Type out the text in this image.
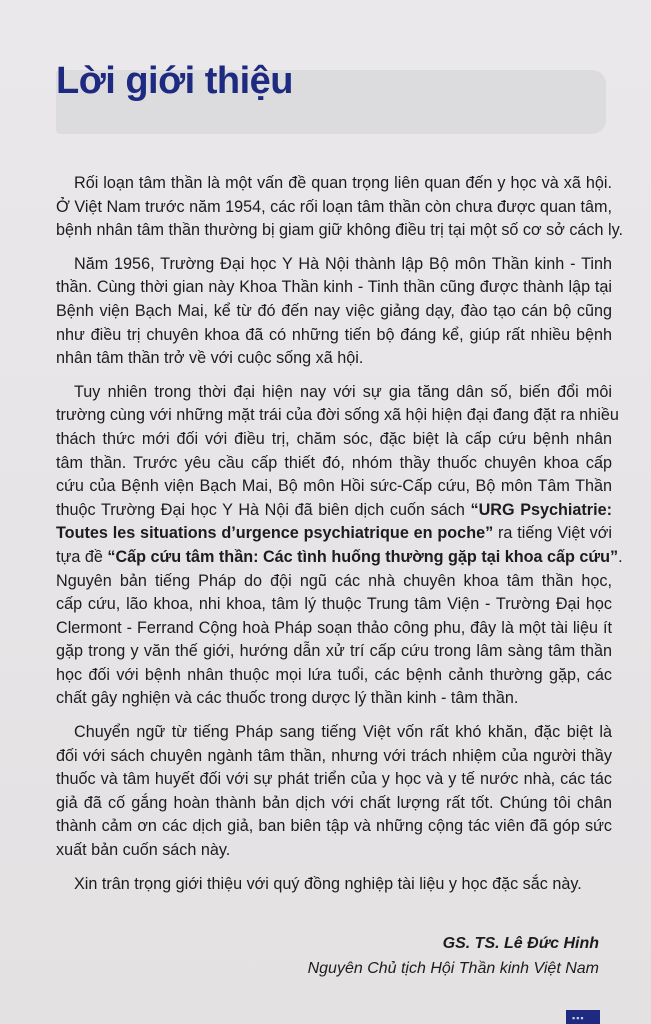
Lời giới thiệu

Rối loạn tâm thần là một vấn đề quan trọng liên quan đến y học và xã hội.
Ở Việt Nam trước năm 1954, các rối loạn tâm thần còn chưa được quan tâm,
bệnh nhân tâm thần thường bị giam giữ không điều trị tại một số cơ sở cách ly.

Năm 1956, Trường Đại học Y Hà Nội thành lập Bộ môn Thần kinh - Tinh
thần. Cùng thời gian này Khoa Thần kinh - Tinh thần cũng được thành lập tại
Bệnh viện Bạch Mai, kể từ đó đến nay việc giảng dạy, đào tạo cán bộ cũng
như điều trị chuyên khoa đã có những tiến bộ đáng kể, giúp rất nhiều bệnh
nhân tâm thần trở về với cuộc sống xã hội.

Tuy nhiên trong thời đại hiện nay với sự gia tăng dân số, biến đổi môi
trường cùng với những mặt trái của đời sống xã hội hiện đại đang đặt ra nhiều
thách thức mới đối với điều trị, chăm sóc, đặc biệt là cấp cứu bệnh nhân
tâm thần. Trước yêu cầu cấp thiết đó, nhóm thầy thuốc chuyên khoa cấp
cứu của Bệnh viện Bạch Mai, Bộ môn Hồi sức-Cấp cứu, Bộ môn Tâm Thần
thuộc Trường Đại học Y Hà Nội đã biên dịch cuốn sách “URG Psychiatrie:
Toutes les situations d’urgence psychiatrique en poche” ra tiếng Việt với
tựa đề “Cấp cứu tâm thần: Các tình huống thường gặp tại khoa cấp cứu”.
Nguyên bản tiếng Pháp do đội ngũ các nhà chuyên khoa tâm thần học,
cấp cứu, lão khoa, nhi khoa, tâm lý thuộc Trung tâm Viện - Trường Đại học
Clermont - Ferrand Cộng hoà Pháp soạn thảo công phu, đây là một tài liệu ít
gặp trong y văn thế giới, hướng dẫn xử trí cấp cứu trong lâm sàng tâm thần
học đối với bệnh nhân thuộc mọi lứa tuổi, các bệnh cảnh thường gặp, các
chất gây nghiện và các thuốc trong dược lý thần kinh - tâm thần.

Chuyển ngữ từ tiếng Pháp sang tiếng Việt vốn rất khó khăn, đặc biệt là
đối với sách chuyên ngành tâm thần, nhưng với trách nhiệm của người thầy
thuốc và tâm huyết đối với sự phát triển của y học và y tế nước nhà, các tác
giả đã cố gắng hoàn thành bản dịch với chất lượng rất tốt. Chúng tôi chân
thành cảm ơn các dịch giả, ban biên tập và những cộng tác viên đã góp sức
xuất bản cuốn sách này.

Xin trân trọng giới thiệu với quý đồng nghiệp tài liệu y học đặc sắc này.

GS. TS. Lê Đức Hinh
Nguyên Chủ tịch Hội Thần kinh Việt Nam
▪▪▪
